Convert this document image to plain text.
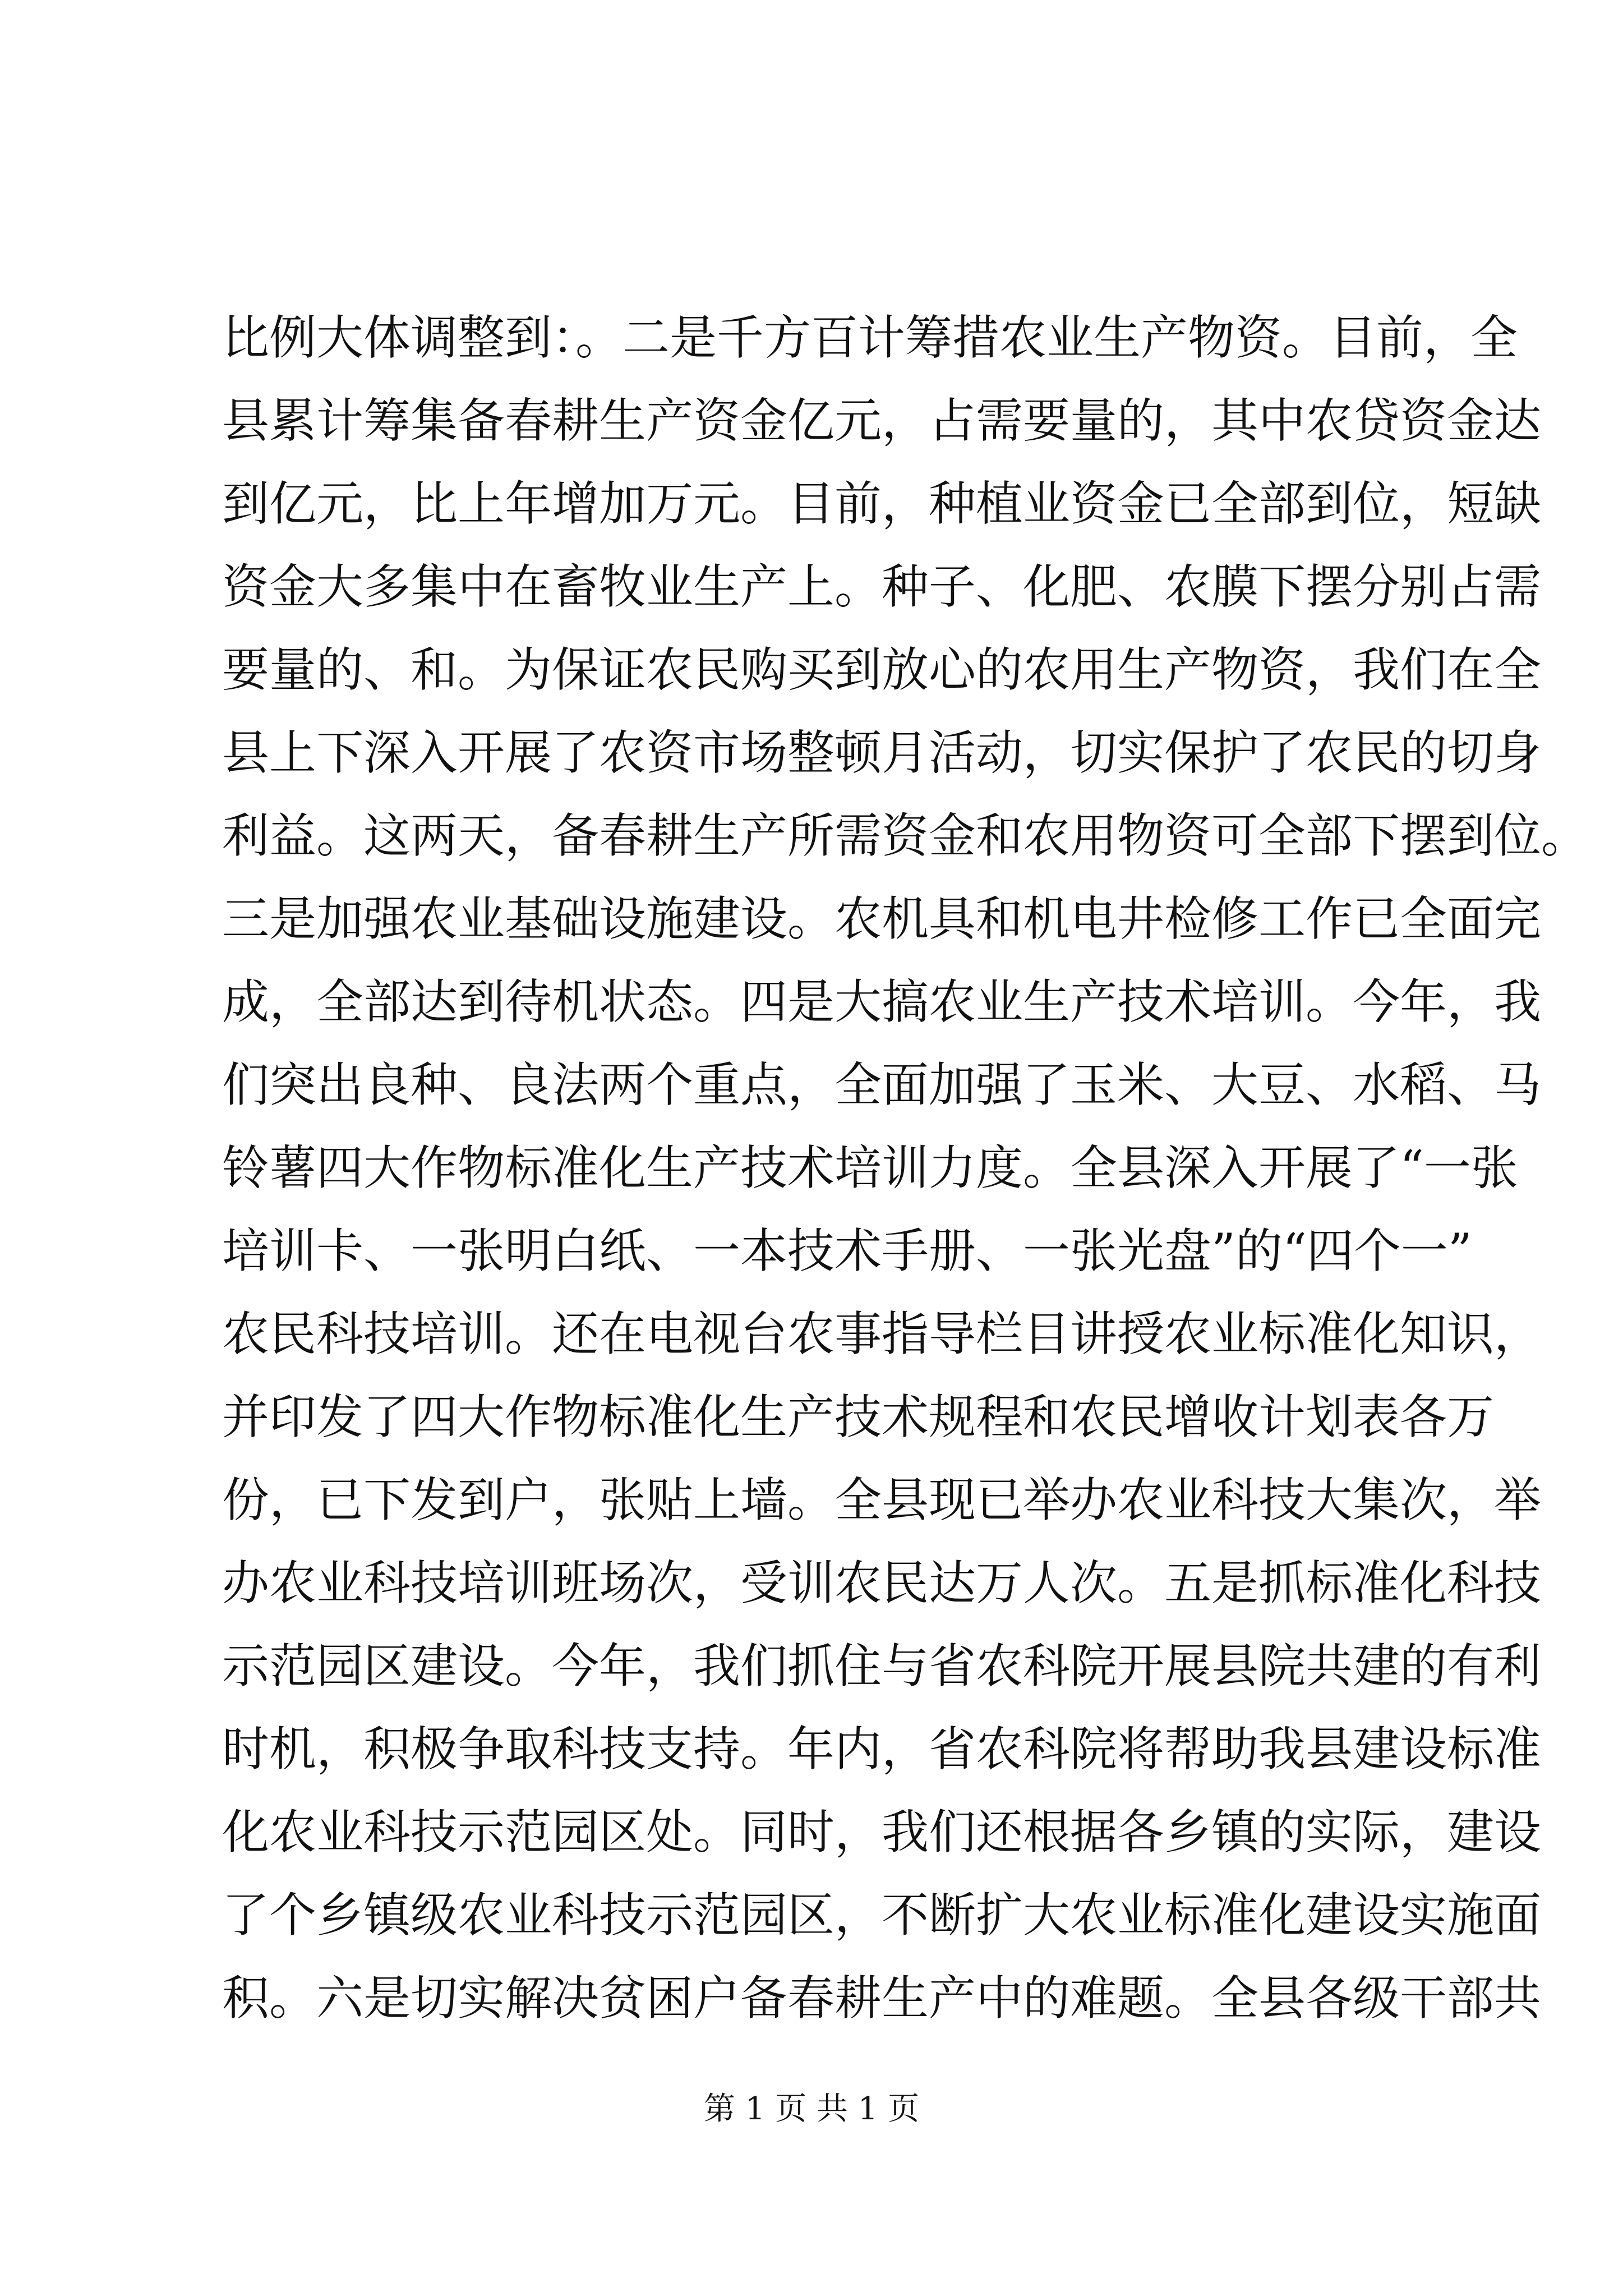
比例大体调整到：。二是千方百计筹措农业生产物资。目前，全
县累计筹集备春耕生产资金亿元，占需要量的，其中农贷资金达
到亿元，比上年增加万元。目前，种植业资金已全部到位，短缺
资金大多集中在畜牧业生产上。种子、化肥、农膜下摆分别占需
要量的、和。为保证农民购买到放心的农用生产物资，我们在全
县上下深入开展了农资市场整顿月活动，切实保护了农民的切身
利益。这两天，备春耕生产所需资金和农用物资可全部下摆到位。
三是加强农业基础设施建设。农机具和机电井检修工作已全面完
成，全部达到待机状态。四是大搞农业生产技术培训。今年，我
们突出良种、良法两个重点，全面加强了玉米、大豆、水稻、马
铃薯四大作物标准化生产技术培训力度。全县深入开展了“一张
培训卡、一张明白纸、一本技术手册、一张光盘”的“四个一”
农民科技培训。还在电视台农事指导栏目讲授农业标准化知识，
并印发了四大作物标准化生产技术规程和农民增收计划表各万
份，已下发到户，张贴上墙。全县现已举办农业科技大集次，举
办农业科技培训班场次，受训农民达万人次。五是抓标准化科技
示范园区建设。今年，我们抓住与省农科院开展县院共建的有利
时机，积极争取科技支持。年内，省农科院将帮助我县建设标准
化农业科技示范园区处。同时，我们还根据各乡镇的实际，建设
了个乡镇级农业科技示范园区，不断扩大农业标准化建设实施面
积。六是切实解决贫困户备春耕生产中的难题。全县各级干部共
第 1 页 共 1 页
